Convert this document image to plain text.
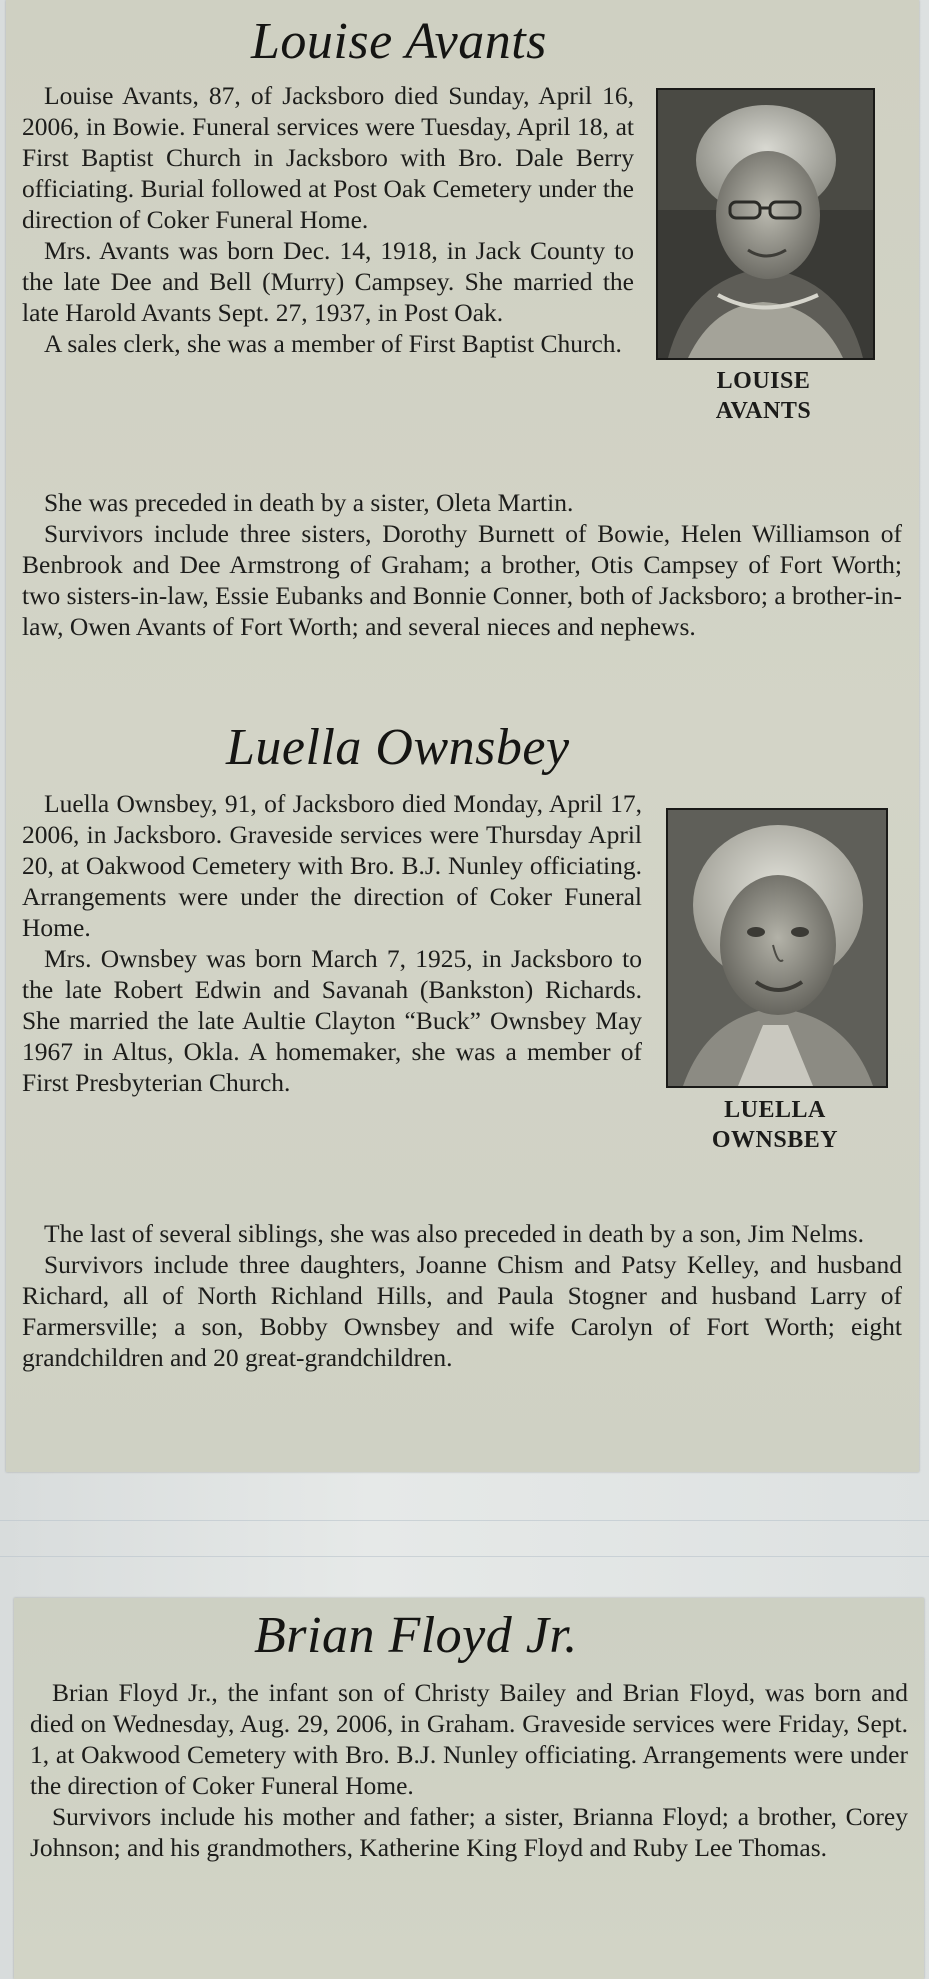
Louise Avants

Louise Avants, 87, of Jacksboro died Sunday, April 16, 2006, in Bowie. Funeral services were Tuesday, April 18, at First Baptist Church in Jacksboro with Bro. Dale Berry officiating. Burial followed at Post Oak Cemetery under the direction of Coker Funeral Home.

Mrs. Avants was born Dec. 14, 1918, in Jack County to the late Dee and Bell (Murry) Campsey. She married the late Harold Avants Sept. 27, 1937, in Post Oak.

A sales clerk, she was a member of First Baptist Church.

She was preceded in death by a sister, Oleta Martin.

Survivors include three sisters, Dorothy Burnett of Bowie, Helen Williamson of Benbrook and Dee Armstrong of Graham; a brother, Otis Campsey of Fort Worth; two sisters-in-law, Essie Eubanks and Bonnie Conner, both of Jacksboro; a brother-in-law, Owen Avants of Fort Worth; and several nieces and nephews.

LOUISE
AVANTS
Luella Ownsbey

Luella Ownsbey, 91, of Jacksboro died Monday, April 17, 2006, in Jacksboro. Graveside services were Thursday April 20, at Oakwood Cemetery with Bro. B.J. Nunley officiating. Arrangements were under the direction of Coker Funeral Home.

Mrs. Ownsbey was born March 7, 1925, in Jacksboro to the late Robert Edwin and Savanah (Bankston) Richards. She married the late Aultie Clayton “Buck” Ownsbey May 1967 in Altus, Okla. A homemaker, she was a member of First Presbyterian Church.

The last of several siblings, she was also preceded in death by a son, Jim Nelms.

Survivors include three daughters, Joanne Chism and Patsy Kelley, and husband Richard, all of North Richland Hills, and Paula Stogner and husband Larry of Farmersville; a son, Bobby Ownsbey and wife Carolyn of Fort Worth; eight grandchildren and 20 great-grandchildren.

LUELLA
OWNSBEY
Brian Floyd Jr.

Brian Floyd Jr., the infant son of Christy Bailey and Brian Floyd, was born and died on Wednesday, Aug. 29, 2006, in Graham. Graveside services were Friday, Sept. 1, at Oakwood Cemetery with Bro. B.J. Nunley officiating. Arrangements were under the direction of Coker Funeral Home.

Survivors include his mother and father; a sister, Brianna Floyd; a brother, Corey Johnson; and his grandmothers, Katherine King Floyd and Ruby Lee Thomas.
